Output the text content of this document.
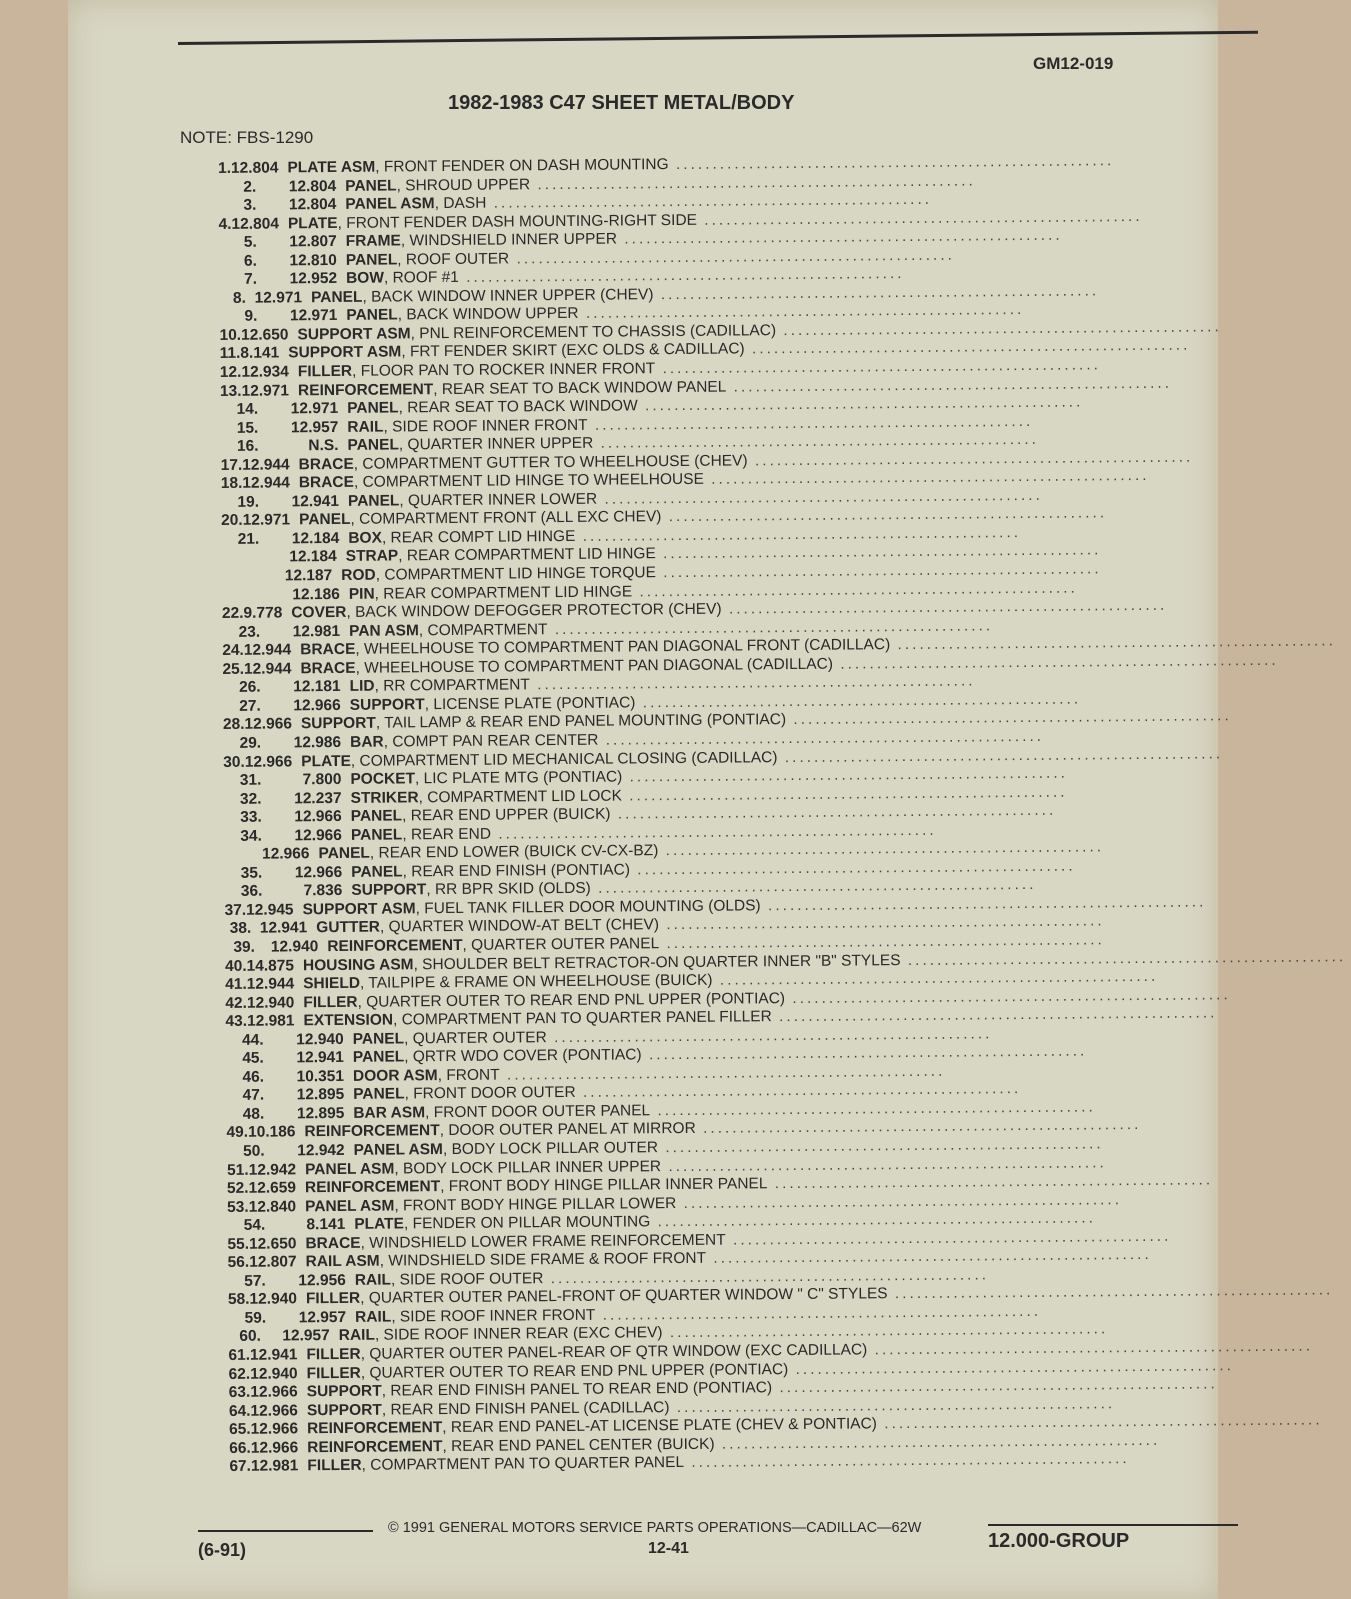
GM12-019
1982-1983 C47 SHEET METAL/BODY
NOTE: FBS-1290
1. 12.804 PLATE ASM, FRONT FENDER ON DASH MOUNTING ............................................................
2.	12.804 PANEL, SHROUD UPPER ............................................................
3.	12.804 PANEL ASM, DASH ............................................................
4. 12.804 PLATE, FRONT FENDER DASH MOUNTING-RIGHT SIDE ............................................................
5.	12.807 FRAME, WINDSHIELD INNER UPPER ............................................................
6.	12.810 PANEL, ROOF OUTER ............................................................
7.	12.952 BOW, ROOF #1 ............................................................
8. 12.971 PANEL, BACK WINDOW INNER UPPER (CHEV) ............................................................
9.	12.971 PANEL, BACK WINDOW UPPER ............................................................
10. 12.650 SUPPORT ASM, PNL REINFORCEMENT TO CHASSIS (CADILLAC) ............................................................
11. 8.141 SUPPORT ASM, FRT FENDER SKIRT (EXC OLDS & CADILLAC) ............................................................
12. 12.934 FILLER, FLOOR PAN TO ROCKER INNER FRONT ............................................................
13. 12.971 REINFORCEMENT, REAR SEAT TO BACK WINDOW PANEL ............................................................
14.	12.971 PANEL, REAR SEAT TO BACK WINDOW ............................................................
15.	12.957 RAIL, SIDE ROOF INNER FRONT ............................................................
16.	N.S. PANEL, QUARTER INNER UPPER ............................................................
17. 12.944 BRACE, COMPARTMENT GUTTER TO WHEELHOUSE (CHEV) ............................................................
18. 12.944 BRACE, COMPARTMENT LID HINGE TO WHEELHOUSE ............................................................
19.	12.941 PANEL, QUARTER INNER LOWER ............................................................
20. 12.971 PANEL, COMPARTMENT FRONT (ALL EXC CHEV) ............................................................
21.	12.184 BOX, REAR COMPT LID HINGE ............................................................
12.184 STRAP, REAR COMPARTMENT LID HINGE ............................................................
12.187 ROD, COMPARTMENT LID HINGE TORQUE ............................................................
12.186 PIN, REAR COMPARTMENT LID HINGE ............................................................
22. 9.778 COVER, BACK WINDOW DEFOGGER PROTECTOR (CHEV) ............................................................
23.	12.981 PAN ASM, COMPARTMENT ............................................................
24. 12.944 BRACE, WHEELHOUSE TO COMPARTMENT PAN DIAGONAL FRONT (CADILLAC) ............................................................
25. 12.944 BRACE, WHEELHOUSE TO COMPARTMENT PAN DIAGONAL (CADILLAC) ............................................................
26.	12.181 LID, RR COMPARTMENT ............................................................
27.	12.966 SUPPORT, LICENSE PLATE (PONTIAC) ............................................................
28. 12.966 SUPPORT, TAIL LAMP & REAR END PANEL MOUNTING (PONTIAC) ............................................................
29.	12.986 BAR, COMPT PAN REAR CENTER ............................................................
30. 12.966 PLATE, COMPARTMENT LID MECHANICAL CLOSING (CADILLAC) ............................................................
31.	7.800 POCKET, LIC PLATE MTG (PONTIAC) ............................................................
32.	12.237 STRIKER, COMPARTMENT LID LOCK ............................................................
33.	12.966 PANEL, REAR END UPPER (BUICK) ............................................................
34.	12.966 PANEL, REAR END ............................................................
12.966 PANEL, REAR END LOWER (BUICK CV-CX-BZ) ............................................................
35.	12.966 PANEL, REAR END FINISH (PONTIAC) ............................................................
36.	7.836 SUPPORT, RR BPR SKID (OLDS) ............................................................
37. 12.945 SUPPORT ASM, FUEL TANK FILLER DOOR MOUNTING (OLDS) ............................................................
38. 12.941 GUTTER, QUARTER WINDOW-AT BELT (CHEV) ............................................................
39.	12.940 REINFORCEMENT, QUARTER OUTER PANEL ............................................................
40. 14.875 HOUSING ASM, SHOULDER BELT RETRACTOR-ON QUARTER INNER "B" STYLES ............................................................
41. 12.944 SHIELD, TAILPIPE & FRAME ON WHEELHOUSE (BUICK) ............................................................
42. 12.940 FILLER, QUARTER OUTER TO REAR END PNL UPPER (PONTIAC) ............................................................
43. 12.981 EXTENSION, COMPARTMENT PAN TO QUARTER PANEL FILLER ............................................................
44.	12.940 PANEL, QUARTER OUTER ............................................................
45.	12.941 PANEL, QRTR WDO COVER (PONTIAC) ............................................................
46.	10.351 DOOR ASM, FRONT ............................................................
47.	12.895 PANEL, FRONT DOOR OUTER ............................................................
48.	12.895 BAR ASM, FRONT DOOR OUTER PANEL ............................................................
49. 10.186 REINFORCEMENT, DOOR OUTER PANEL AT MIRROR ............................................................
50.	12.942 PANEL ASM, BODY LOCK PILLAR OUTER ............................................................
51. 12.942 PANEL ASM, BODY LOCK PILLAR INNER UPPER ............................................................
52. 12.659 REINFORCEMENT, FRONT BODY HINGE PILLAR INNER PANEL ............................................................
53. 12.840 PANEL ASM, FRONT BODY HINGE PILLAR LOWER ............................................................
54.	8.141 PLATE, FENDER ON PILLAR MOUNTING ............................................................
55. 12.650 BRACE, WINDSHIELD LOWER FRAME REINFORCEMENT ............................................................
56. 12.807 RAIL ASM, WINDSHIELD SIDE FRAME & ROOF FRONT ............................................................
57.	12.956 RAIL, SIDE ROOF OUTER ............................................................
58. 12.940 FILLER, QUARTER OUTER PANEL-FRONT OF QUARTER WINDOW " C" STYLES ............................................................
59.	12.957 RAIL, SIDE ROOF INNER FRONT ............................................................
60.	12.957 RAIL, SIDE ROOF INNER REAR (EXC CHEV) ............................................................
61. 12.941 FILLER, QUARTER OUTER PANEL-REAR OF QTR WINDOW (EXC CADILLAC) ............................................................
62. 12.940 FILLER, QUARTER OUTER TO REAR END PNL UPPER (PONTIAC) ............................................................
63. 12.966 SUPPORT, REAR END FINISH PANEL TO REAR END (PONTIAC) ............................................................
64. 12.966 SUPPORT, REAR END FINISH PANEL (CADILLAC) ............................................................
65. 12.966 REINFORCEMENT, REAR END PANEL-AT LICENSE PLATE (CHEV & PONTIAC) ............................................................
66. 12.966 REINFORCEMENT, REAR END PANEL CENTER (BUICK) ............................................................
67. 12.981 FILLER, COMPARTMENT PAN TO QUARTER PANEL ............................................................
© 1991 GENERAL MOTORS SERVICE PARTS OPERATIONS—CADILLAC—62W
(6-91)	12-41	12.000-GROUP
